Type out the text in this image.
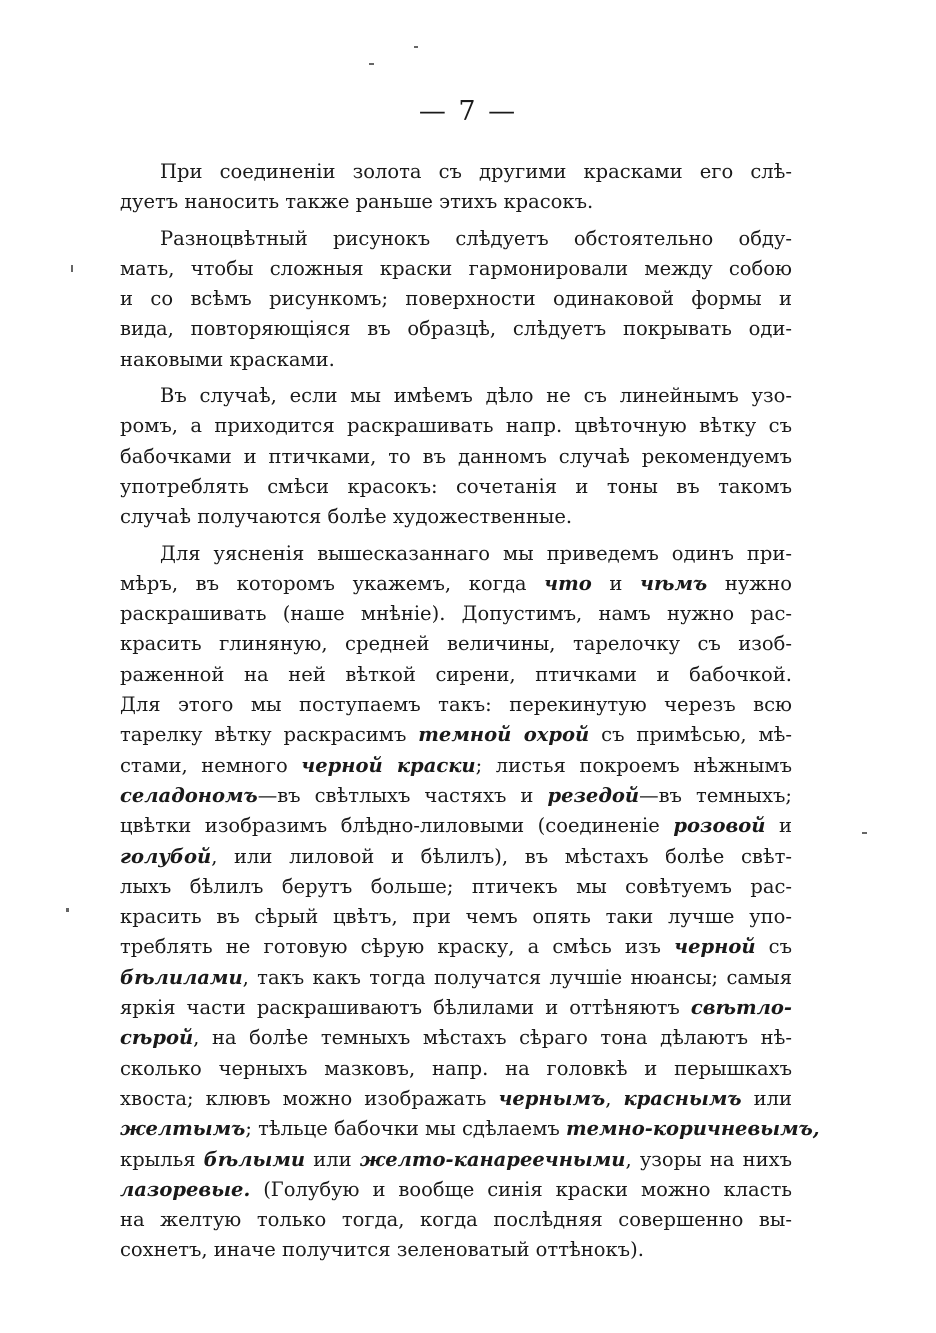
— 7 —
При соединенiи золота съ другими красками его слѣ-
дуетъ наносить также раньше этихъ красокъ.
Разноцвѣтный рисунокъ слѣдуетъ обстоятельно обду-
мать, чтобы сложныя краски гармонировали между собою
и со всѣмъ рисункомъ; поверхности одинаковой формы и
вида, повторяющiяся въ образцѣ, слѣдуетъ покрывать оди-
наковыми красками.
Въ случаѣ, если мы имѣемъ дѣло не съ линейнымъ узо-
ромъ, а приходится раскрашивать напр. цвѣточную вѣтку съ
бабочками и птичками, то въ данномъ случаѣ рекомендуемъ
употреблять смѣси красокъ: сочетанiя и тоны въ такомъ
случаѣ получаются болѣе художественные.
Для уясненiя вышесказаннаго мы приведемъ одинъ при-
мѣръ, въ которомъ укажемъ, когда что и чѣмъ нужно
раскрашивать (наше мнѣнiе). Допустимъ, намъ нужно рас-
красить глиняную, средней величины, тарелочку съ изоб-
раженной на ней вѣткой сирени, птичками и бабочкой.
Для этого мы поступаемъ такъ: перекинутую черезъ всю
тарелку вѣтку раскрасимъ темной охрой съ примѣсью, мѣ-
стами, немного черной краски; листья покроемъ нѣжнымъ
селадономъ—въ свѣтлыхъ частяхъ и резедой—въ темныхъ;
цвѣтки изобразимъ блѣдно-лиловыми (соединенiе розовой и
голубой, или лиловой и бѣлилъ), въ мѣстахъ болѣе свѣт-
лыхъ бѣлилъ берутъ больше; птичекъ мы совѣтуемъ рас-
красить въ сѣрый цвѣтъ, при чемъ опять таки лучше упо-
треблять не готовую сѣрую краску, а смѣсь изъ черной съ
бѣлилами, такъ какъ тогда получатся лучшiе нюансы; самыя
яркiя части раскрашиваютъ бѣлилами и оттѣняютъ свѣтло-
сѣрой, на болѣе темныхъ мѣстахъ сѣраго тона дѣлаютъ нѣ-
сколько черныхъ мазковъ, напр. на головкѣ и перышкахъ
хвоста; клювъ можно изображать чернымъ, краснымъ или
желтымъ; тѣльце бабочки мы сдѣлаемъ темно-коричневымъ,
крылья бѣлыми или желто-канареечными, узоры на нихъ
лазоревые. (Голубую и вообще синiя краски можно класть
на желтую только тогда, когда послѣдняя совершенно вы-
сохнетъ, иначе получится зеленоватый оттѣнокъ).
